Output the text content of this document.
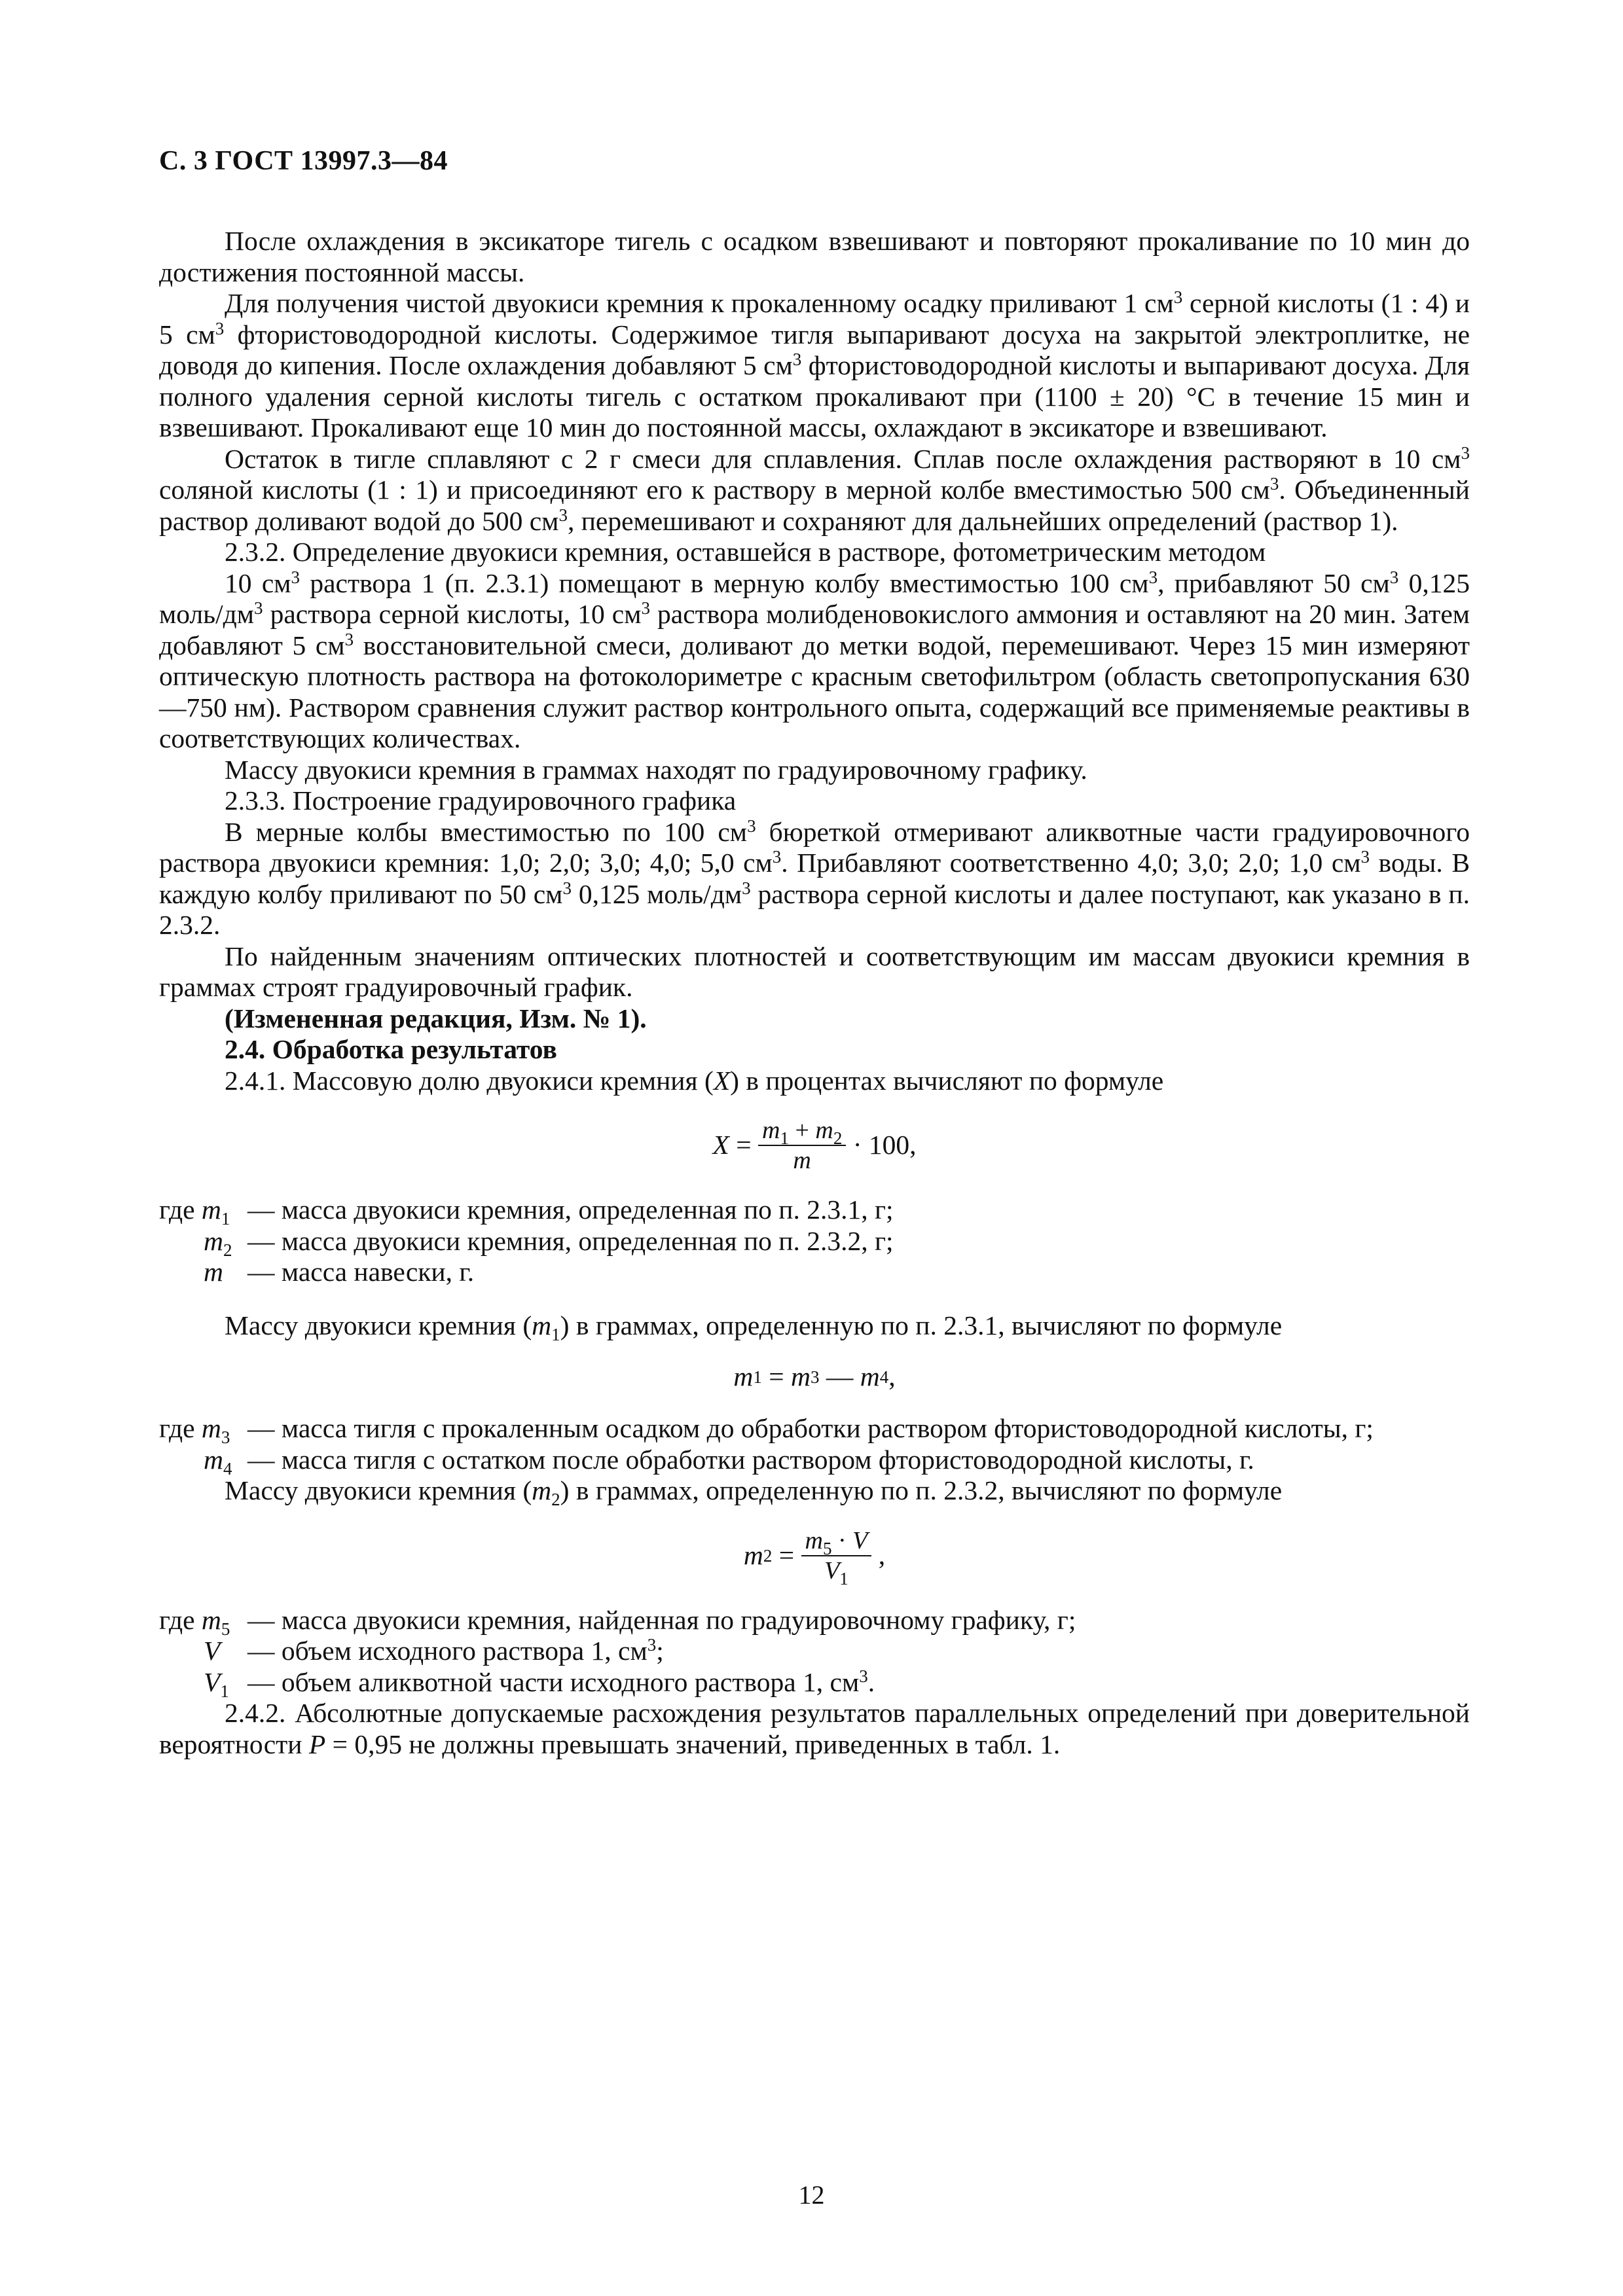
С. 3 ГОСТ 13997.3—84

После охлаждения в эксикаторе тигель с осадком взвешивают и повторяют прокаливание по 10 мин до достижения постоянной массы.

Для получения чистой двуокиси кремния к прокаленному осадку приливают 1 $см^3$ серной кислоты (1 : 4) и 5 $см^3$ фтористоводородной кислоты. Содержимое тигля выпаривают досуха на закрытой электроплитке, не доводя до кипения. После охлаждения добавляют 5 $см^3$ фтористоводородной кислоты и выпаривают досуха. Для полного удаления серной кислоты тигель с остатком прокаливают при (1100 ± 20) °С в течение 15 мин и взвешивают. Прокаливают еще 10 мин до постоянной массы, охлаждают в эксикаторе и взвешивают.

Остаток в тигле сплавляют с 2 г смеси для сплавления. Сплав после охлаждения растворяют в 10 $см^3$ соляной кислоты (1 : 1) и присоединяют его к раствору в мерной колбе вместимостью 500 $см^3$. Объединенный раствор доливают водой до 500 $см^3$, перемешивают и сохраняют для дальнейших определений (раствор 1).

2.3.2. Определение двуокиси кремния, оставшейся в растворе, фотометрическим методом

10 $см^3$ раствора 1 (п. 2.3.1) помещают в мерную колбу вместимостью 100 $см^3$, прибавляют 50 $см^3$ 0,125 моль/$дм^3$ раствора серной кислоты, 10 $см^3$ раствора молибденовокислого аммония и оставляют на 20 мин. Затем добавляют 5 $см^3$ восстановительной смеси, доливают до метки водой, перемешивают. Через 15 мин измеряют оптическую плотность раствора на фотоколориметре с красным светофильтром (область светопропускания 630—750 нм). Раствором сравнения служит раствор контрольного опыта, содержащий все применяемые реактивы в соответствующих количествах.

Массу двуокиси кремния в граммах находят по градуировочному графику.

2.3.3. Построение градуировочного графика

В мерные колбы вместимостью по 100 $см^3$ бюреткой отмеривают аликвотные части градуировочного раствора двуокиси кремния: 1,0; 2,0; 3,0; 4,0; 5,0 $см^3$. Прибавляют соответственно 4,0; 3,0; 2,0; 1,0 $см^3$ воды. В каждую колбу приливают по 50 $см^3$ 0,125 моль/$дм^3$ раствора серной кислоты и далее поступают, как указано в п. 2.3.2.

По найденным значениям оптических плотностей и соответствующим им массам двуокиси кремния в граммах строят градуировочный график.

(Измененная редакция, Изм. № 1).

2.4. Обработка результатов

2.4.1. Массовую долю двуокиси кремния (X) в процентах вычисляют по формуле

$X = \frac{m_1 + m_2}{m} \cdot 100$,
где $m_1$ — масса двуокиси кремния, определенная по п. 2.3.1, г;
$m_2$ — масса двуокиси кремния, определенная по п. 2.3.2, г;
m — масса навески, г.

Массу двуокиси кремния $(m_1)$ в граммах, определенную по п. 2.3.1, вычисляют по формуле

m 1 = m 3 — m 4 ,
где $m_3$ — масса тигля с прокаленным осадком до обработки раствором фтористоводородной кислоты, г;
$m_4$ — масса тигля с остатком после обработки раствором фтористоводородной кислоты, г.

Массу двуокиси кремния $(m_2)$ в граммах, определенную по п. 2.3.2, вычисляют по формуле

m $2 = \frac{m_5 \cdot V}{V_1}$ ,
где $m_5$ — масса двуокиси кремния, найденная по градуировочному графику, г;
V	— объем исходного раствора 1, $см^3$;
$V_1$ — объем аликвотной части исходного раствора 1, $см^3$.

2.4.2. Абсолютные допускаемые расхождения результатов параллельных определений при доверительной вероятности P = 0,95 не должны превышать значений, приведенных в табл. 1.

12
